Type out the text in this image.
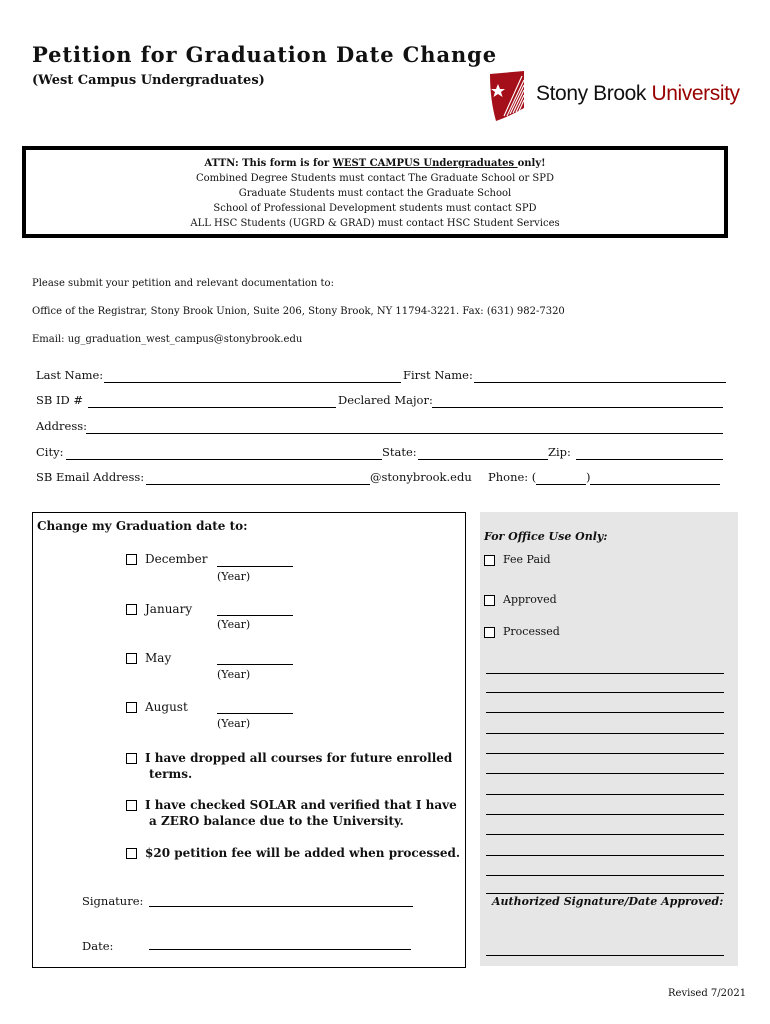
Petition for Graduation Date Change
(West Campus Undergraduates)
Stony Brook University
ATTN: This form is for WEST CAMPUS Undergraduates only!
Combined Degree Students must contact The Graduate School or SPD
Graduate Students must contact the Graduate School
School of Professional Development students must contact SPD
ALL HSC Students (UGRD & GRAD) must contact HSC Student Services
Please submit your petition and relevant documentation to:
Office of the Registrar, Stony Brook Union, Suite 206, Stony Brook, NY 11794-3221. Fax: (631) 982-7320
Email: ug_graduation_west_campus@stonybrook.edu
Last Name:	First Name:
SB ID #	Declared Major:
Address:
City:	State:	Zip:
SB Email Address:	@stonybrook.edu Phone: (	)
Change my Graduation date to:
December
(Year)
January
(Year)
May
(Year)
August
(Year)
I have dropped all courses for future enrolled
terms.
I have checked SOLAR and verified that I have
a ZERO balance due to the University.
$20 petition fee will be added when processed.
Signature:
Date:
For Office Use Only:
Fee Paid
Approved
Processed
Authorized Signature/Date Approved:
Revised 7/2021
